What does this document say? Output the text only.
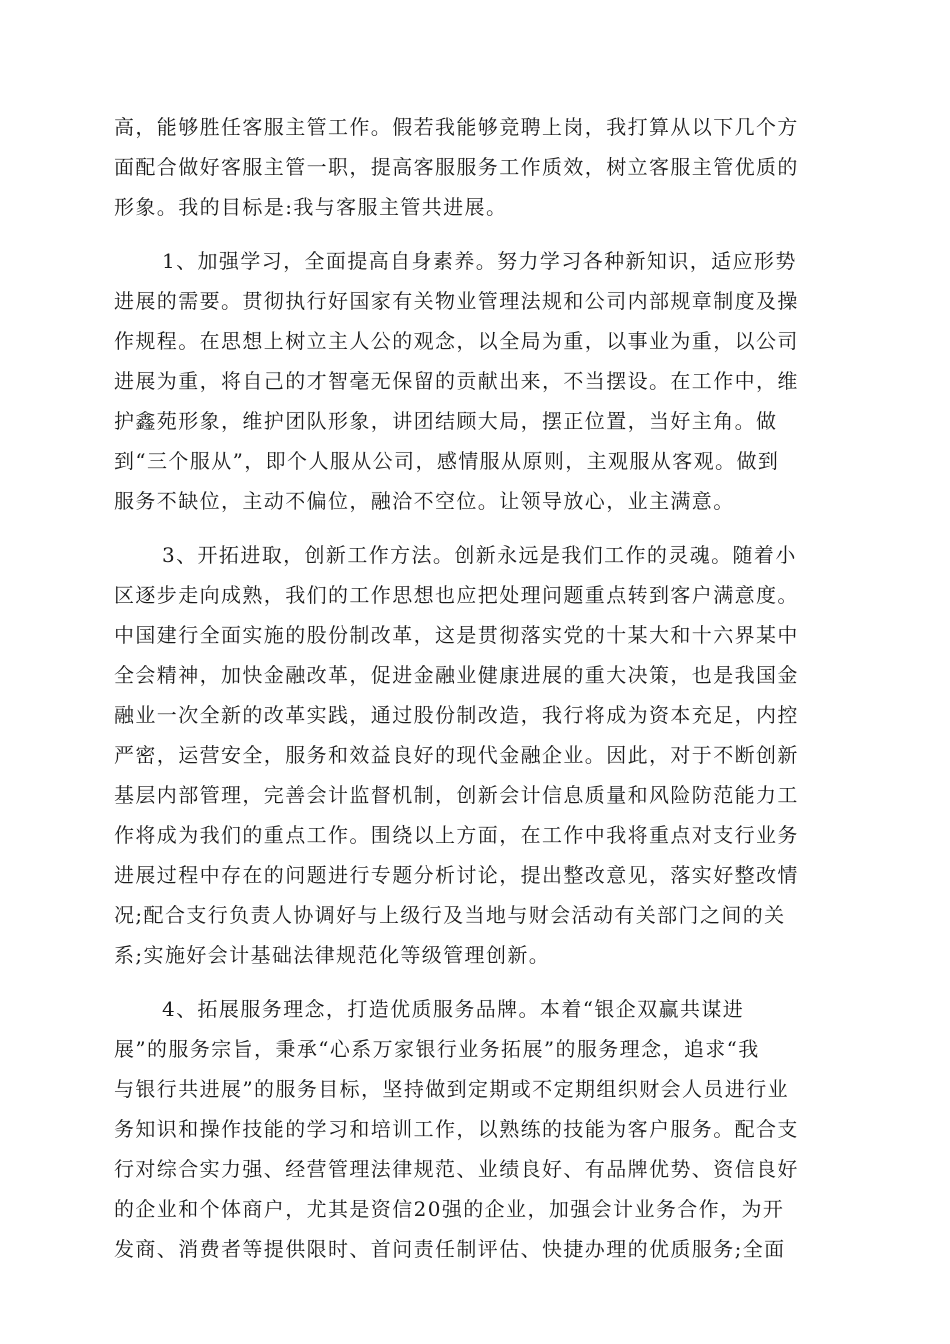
高，能够胜任客服主管工作。假若我能够竞聘上岗，我打算从以下几个方
面配合做好客服主管一职，提高客服服务工作质效，树立客服主管优质的
形象。我的目标是:我与客服主管共进展。
1、加强学习，全面提高自身素养。努力学习各种新知识，适应形势
进展的需要。贯彻执行好国家有关物业管理法规和公司内部规章制度及操
作规程。在思想上树立主人公的观念，以全局为重，以事业为重，以公司
进展为重，将自己的才智毫无保留的贡献出来，不当摆设。在工作中，维
护鑫苑形象，维护团队形象，讲团结顾大局，摆正位置，当好主角。做
到“三个服从”，即个人服从公司，感情服从原则，主观服从客观。做到
服务不缺位，主动不偏位，融洽不空位。让领导放心，业主满意。
3、开拓进取，创新工作方法。创新永远是我们工作的灵魂。随着小
区逐步走向成熟，我们的工作思想也应把处理问题重点转到客户满意度。
中国建行全面实施的股份制改革，这是贯彻落实党的十某大和十六界某中
全会精神，加快金融改革，促进金融业健康进展的重大决策，也是我国金
融业一次全新的改革实践，通过股份制改造，我行将成为资本充足，内控
严密，运营安全，服务和效益良好的现代金融企业。因此，对于不断创新
基层内部管理，完善会计监督机制，创新会计信息质量和风险防范能力工
作将成为我们的重点工作。围绕以上方面，在工作中我将重点对支行业务
进展过程中存在的问题进行专题分析讨论，提出整改意见，落实好整改情
况;配合支行负责人协调好与上级行及当地与财会活动有关部门之间的关
系;实施好会计基础法律规范化等级管理创新。
4、拓展服务理念，打造优质服务品牌。本着“银企双赢共谋进
展”的服务宗旨，秉承“心系万家银行业务拓展”的服务理念，追求“我
与银行共进展”的服务目标，坚持做到定期或不定期组织财会人员进行业
务知识和操作技能的学习和培训工作，以熟练的技能为客户服务。配合支
行对综合实力强、经营管理法律规范、业绩良好、有品牌优势、资信良好
的企业和个体商户，尤其是资信20强的企业，加强会计业务合作，为开
发商、消费者等提供限时、首问责任制评估、快捷办理的优质服务;全面
